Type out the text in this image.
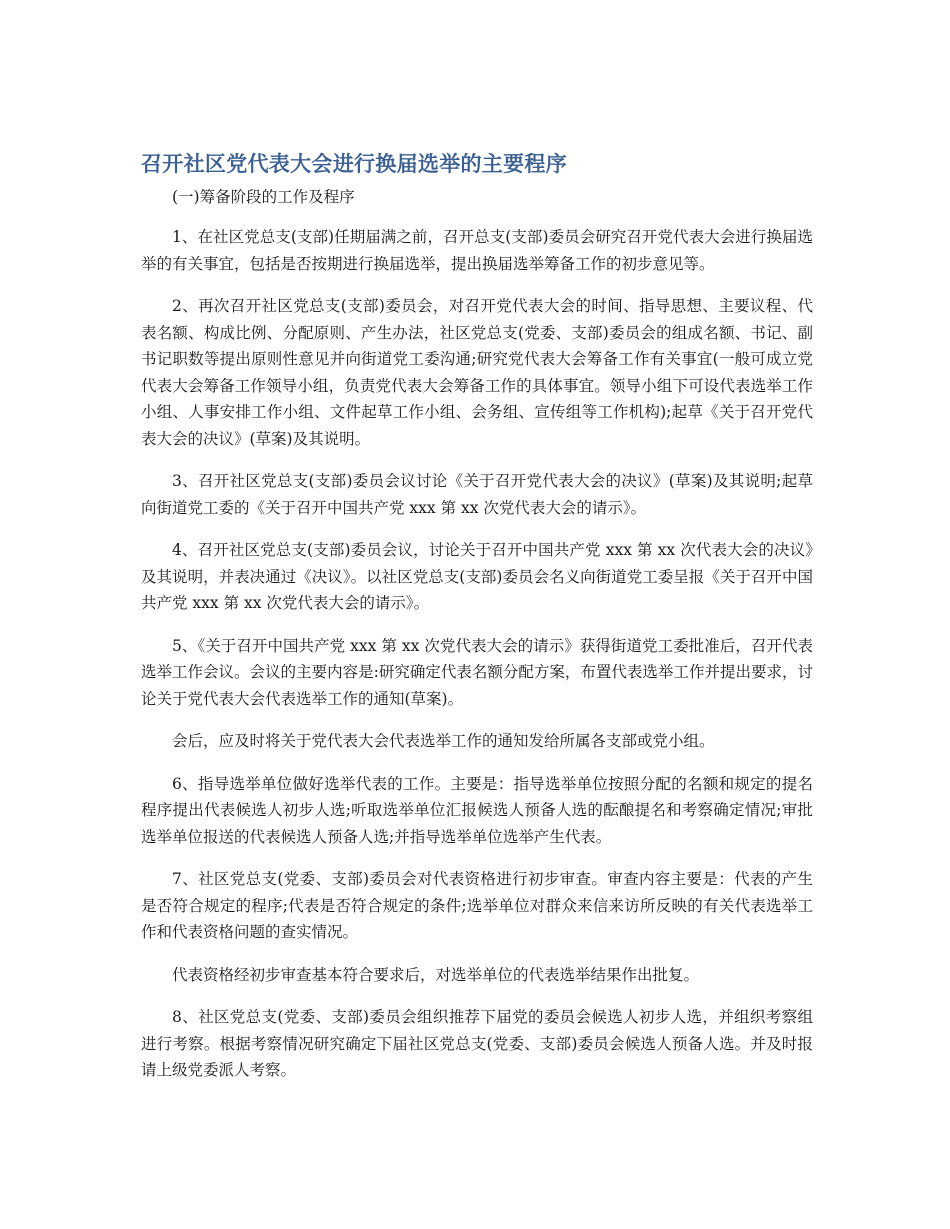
召开社区党代表大会进行换届选举的主要程序

(一)筹备阶段的工作及程序

1、在社区党总支(支部)任期届满之前，召开总支(支部)委员会研究召开党代表大会进行换届选举的有关事宜，包括是否按期进行换届选举，提出换届选举筹备工作的初步意见等。

2、再次召开社区党总支(支部)委员会，对召开党代表大会的时间、指导思想、主要议程、代表名额、构成比例、分配原则、产生办法，社区党总支(党委、支部)委员会的组成名额、书记、副书记职数等提出原则性意见并向街道党工委沟通;研究党代表大会筹备工作有关事宜(一般可成立党代表大会筹备工作领导小组，负责党代表大会筹备工作的具体事宜。领导小组下可设代表选举工作小组、人事安排工作小组、文件起草工作小组、会务组、宣传组等工作机构);起草《关于召开党代表大会的决议》(草案)及其说明。

3、召开社区党总支(支部)委员会议讨论《关于召开党代表大会的决议》(草案)及其说明;起草向街道党工委的《关于召开中国共产党 xxx 第 xx 次党代表大会的请示》。

4、召开社区党总支(支部)委员会议，讨论关于召开中国共产党 xxx 第 xx 次代表大会的决议》及其说明，并表决通过《决议》。以社区党总支(支部)委员会名义向街道党工委呈报《关于召开中国共产党 xxx 第 xx 次党代表大会的请示》。

5、《关于召开中国共产党 xxx 第 xx 次党代表大会的请示》获得街道党工委批准后，召开代表选举工作会议。会议的主要内容是:研究确定代表名额分配方案，布置代表选举工作并提出要求，讨论关于党代表大会代表选举工作的通知(草案)。

会后，应及时将关于党代表大会代表选举工作的通知发给所属各支部或党小组。

6、指导选举单位做好选举代表的工作。主要是：指导选举单位按照分配的名额和规定的提名程序提出代表候选人初步人选;听取选举单位汇报候选人预备人选的酝酿提名和考察确定情况;审批选举单位报送的代表候选人预备人选;并指导选举单位选举产生代表。

7、社区党总支(党委、支部)委员会对代表资格进行初步审查。审查内容主要是：代表的产生是否符合规定的程序;代表是否符合规定的条件;选举单位对群众来信来访所反映的有关代表选举工作和代表资格问题的查实情况。

代表资格经初步审查基本符合要求后，对选举单位的代表选举结果作出批复。

8、社区党总支(党委、支部)委员会组织推荐下届党的委员会候选人初步人选，并组织考察组进行考察。根据考察情况研究确定下届社区党总支(党委、支部)委员会候选人预备人选。并及时报请上级党委派人考察。
